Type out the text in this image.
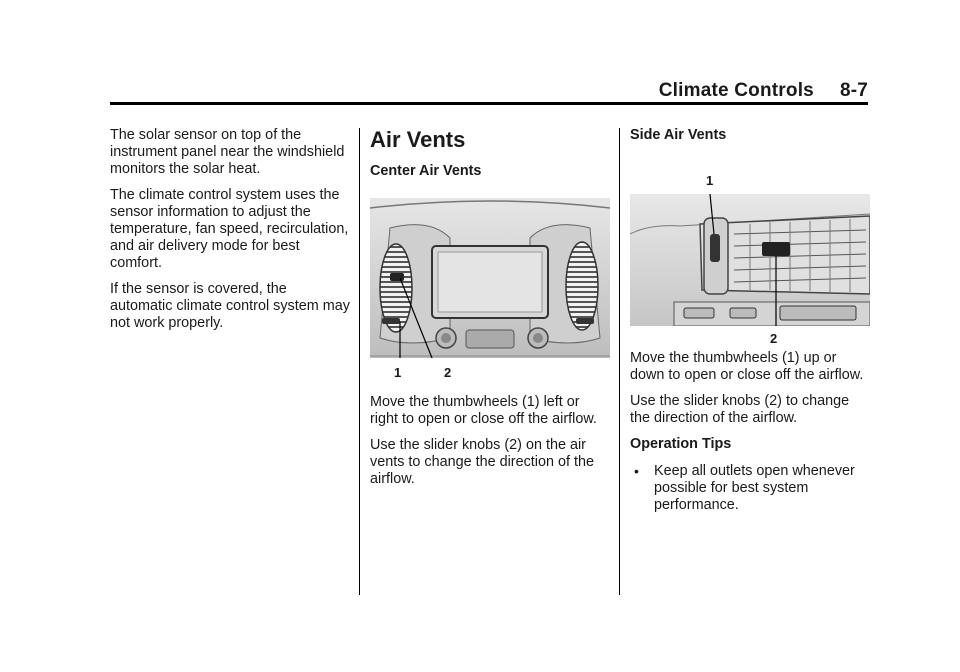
Climate Controls 8-7

The solar sensor on top of the instrument panel near the windshield monitors the solar heat.

The climate control system uses the sensor information to adjust the temperature, fan speed, recirculation, and air delivery mode for best comfort.

If the sensor is covered, the automatic climate control system may not work properly.

Air Vents
Center Air Vents
1	2

Move the thumbwheels (1) left or right to open or close off the airflow.

Use the slider knobs (2) on the air vents to change the direction of the airflow.

Side Air Vents
1
2

Move the thumbwheels (1) up or down to open or close off the airflow.

Use the slider knobs (2) to change the direction of the airflow.

Operation Tips
• Keep all outlets open whenever possible for best system performance.
